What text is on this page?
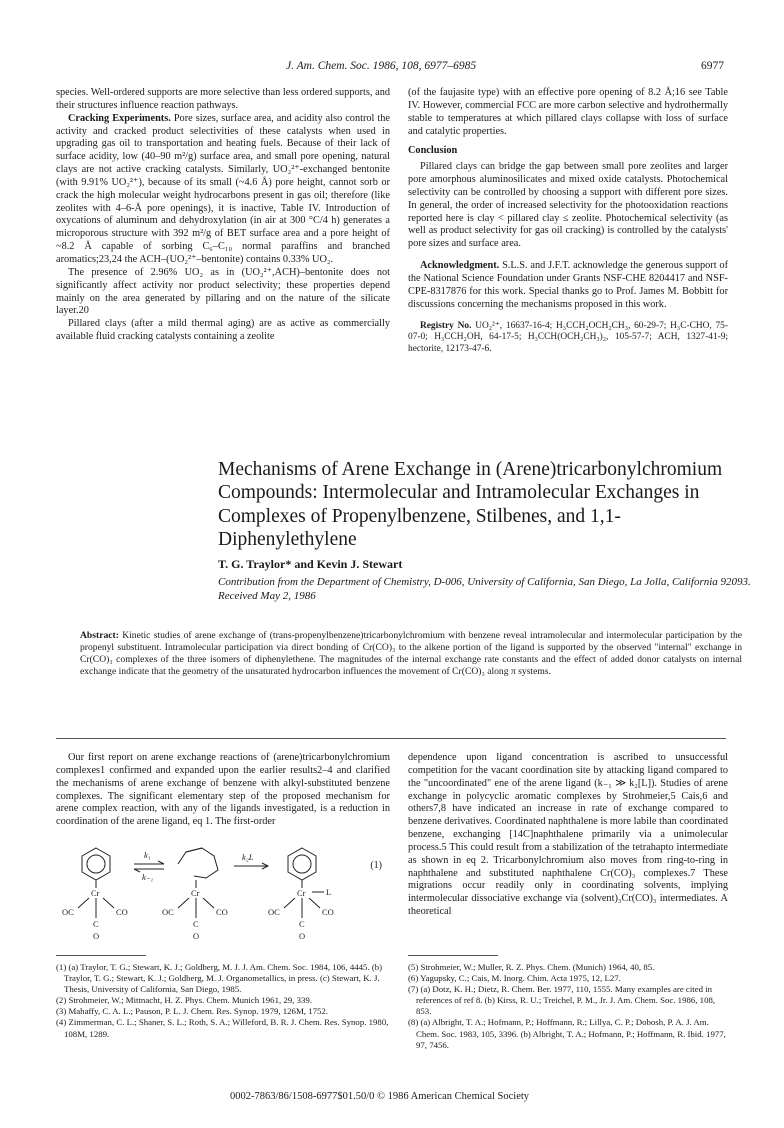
J. Am. Chem. Soc. 1986, 108, 6977–6985	6977

species. Well-ordered supports are more selective than less ordered supports, and their structures influence reaction pathways.

Cracking Experiments. Pore sizes, surface area, and acidity also control the activity and cracked product selectivities of these catalysts when used in upgrading gas oil to transportation and heating fuels. Because of their lack of surface acidity, low (40–90 m²/g) surface area, and small pore opening, natural clays are not active cracking catalysts. Similarly, UO₂²⁺-exchanged bentonite (with 9.91% UO₂²⁺), because of its small (~4.6 Å) pore height, cannot sorb or crack the high molecular weight hydrocarbons present in gas oil; therefore (like zeolites with 4–6-Å pore openings), it is inactive, Table IV. Introduction of oxycations of aluminum and dehydroxylation (in air at 300 °C/4 h) generates a microporous structure with 392 m²/g of BET surface area and a pore height of ~8.2 Å capable of sorbing C₆–C₁₀ normal paraffins and branched aromatics;23,24 the ACH–(UO₂²⁺–bentonite) contains 0.33% UO₂.

The presence of 2.96% UO₂ as in (UO₂²⁺,ACH)–bentonite does not significantly affect activity nor product selectivity; these properties depend mainly on the area generated by pillaring and on the nature of the silicate layer.20

Pillared clays (after a mild thermal aging) are as active as commercially available fluid cracking catalysts containing a zeolite

(of the faujasite type) with an effective pore opening of 8.2 Å;16 see Table IV. However, commercial FCC are more carbon selective and hydrothermally stable to temperatures at which pillared clays collapse with loss of surface and catalytic properties.

Conclusion

Pillared clays can bridge the gap between small pore zeolites and larger pore amorphous aluminosilicates and mixed oxide catalysts. Photochemical selectivity can be controlled by choosing a support with different pore sizes. In general, the order of increased selectivity for the photooxidation reactions reported here is clay < pillared clay ≤ zeolite. Photochemical selectivity (as well as product selectivity for gas oil cracking) is controlled by the catalysts' pore sizes and surface area.

Acknowledgment. S.L.S. and J.F.T. acknowledge the generous support of the National Science Foundation under Grants NSF-CHE 8204417 and NSF-CPE-8317876 for this work. Special thanks go to Prof. James M. Bobbitt for discussions concerning the mechanisms proposed in this work.

Registry No. UO₂²⁺, 16637-16-4; H₃CCH₂OCH₂CH₃, 60-29-7; H₃C-CHO, 75-07-0; H₃CCH₂OH, 64-17-5; H₃CCH(OCH₂CH₃)₂, 105-57-7; ACH, 1327-41-9; hectorite, 12173-47-6.

Mechanisms of Arene Exchange in (Arene)tricarbonylchromium Compounds: Intermolecular and Intramolecular Exchanges in Complexes of Propenylbenzene, Stilbenes, and 1,1-Diphenylethylene
T. G. Traylor* and Kevin J. Stewart
Contribution from the Department of Chemistry, D-006, University of California, San Diego, La Jolla, California 92093. Received May 2, 1986
Abstract: Kinetic studies of arene exchange of (trans-propenylbenzene)tricarbonylchromium with benzene reveal intramolecular and intermolecular participation by the propenyl substituent. Intramolecular participation via direct bonding of Cr(CO)₃ to the alkene portion of the ligand is supported by the observed "internal" exchange in Cr(CO)₃ complexes of the three isomers of diphenylethene. The magnitudes of the internal exchange rate constants and the effect of added donor catalysts on internal exchange indicate that the geometry of the unsaturated hydrocarbon influences the movement of Cr(CO)₃ along π systems.

Our first report on arene exchange reactions of (arene)tricarbonylchromium complexes1 confirmed and expanded upon the earlier results2–4 and clarified the mechanisms of arene exchange of benzene with alkyl-substituted benzene complexes. The significant elementary step of the proposed mechanism for arene complex reaction, with any of the ligands investigated, is a reduction in coordination of the arene ligand, eq 1. The first-order

dependence upon ligand concentration is ascribed to unsuccessful competition for the vacant coordination site by attacking ligand compared to the "uncoordinated" ene of the arene ligand (k₋₁ ≫ k₂[L]). Studies of arene exchange in polycyclic aromatic complexes by Strohmeier,5 Cais,6 and others7,8 have indicated an increase in rate of exchange compared to benzene derivatives. Coordinated naphthalene is more labile than coordinated benzene, exchanging [14C]naphthalene primarily via a unimolecular process.5 This could result from a stabilization of the tetrahapto intermediate as shown in eq 2. Tricarbonylchromium also moves from ring-to-ring in naphthalene and substituted naphthalene Cr(CO)₃ complexes.7 These migrations occur readily only in coordinating solvents, implying intermolecular dissociative exchange via (solvent)₃Cr(CO)₃ intermediates. A theoretical

k₁
k₋₁
k₂L
Cr
OC	CO
C
O
Cr
OC	CO
C
O
Cr L
OC	CO
C
O
(1)

(1) (a) Traylor, T. G.; Stewart, K. J.; Goldberg, M. J. J. Am. Chem. Soc. 1984, 106, 4445. (b) Traylor, T. G.; Stewart, K. J.; Goldberg, M. J. Organometallics, in press. (c) Stewart, K. J. Thesis, University of California, San Diego, 1985.

(2) Strohmeier, W.; Mittnacht, H. Z. Phys. Chem. Munich 1961, 29, 339.

(3) Mahaffy, C. A. L.; Pauson, P. L. J. Chem. Res. Synop. 1979, 126M, 1752.

(4) Zimmerman, C. L.; Shaner, S. L.; Roth, S. A.; Willeford, B. R. J. Chem. Res. Synop. 1980, 108M, 1289.

(5) Strohmeier, W.; Muller, R. Z. Phys. Chem. (Munich) 1964, 40, 85.

(6) Yagupsky, C.; Cais, M. Inorg. Chim. Acta 1975, 12, L27.

(7) (a) Dotz, K. H.; Dietz, R. Chem. Ber. 1977, 110, 1555. Many examples are cited in references of ref 8. (b) Kirss, R. U.; Treichel, P. M., Jr. J. Am. Chem. Soc. 1986, 108, 853.

(8) (a) Albright, T. A.; Hofmann, P.; Hoffmann, R.; Lillya, C. P.; Dobosh, P. A. J. Am. Chem. Soc. 1983, 105, 3396. (b) Albright, T. A.; Hofmann, P.; Hoffmann, R. Ibid. 1977, 97, 7456.

0002-7863/86/1508-6977$01.50/0 © 1986 American Chemical Society
